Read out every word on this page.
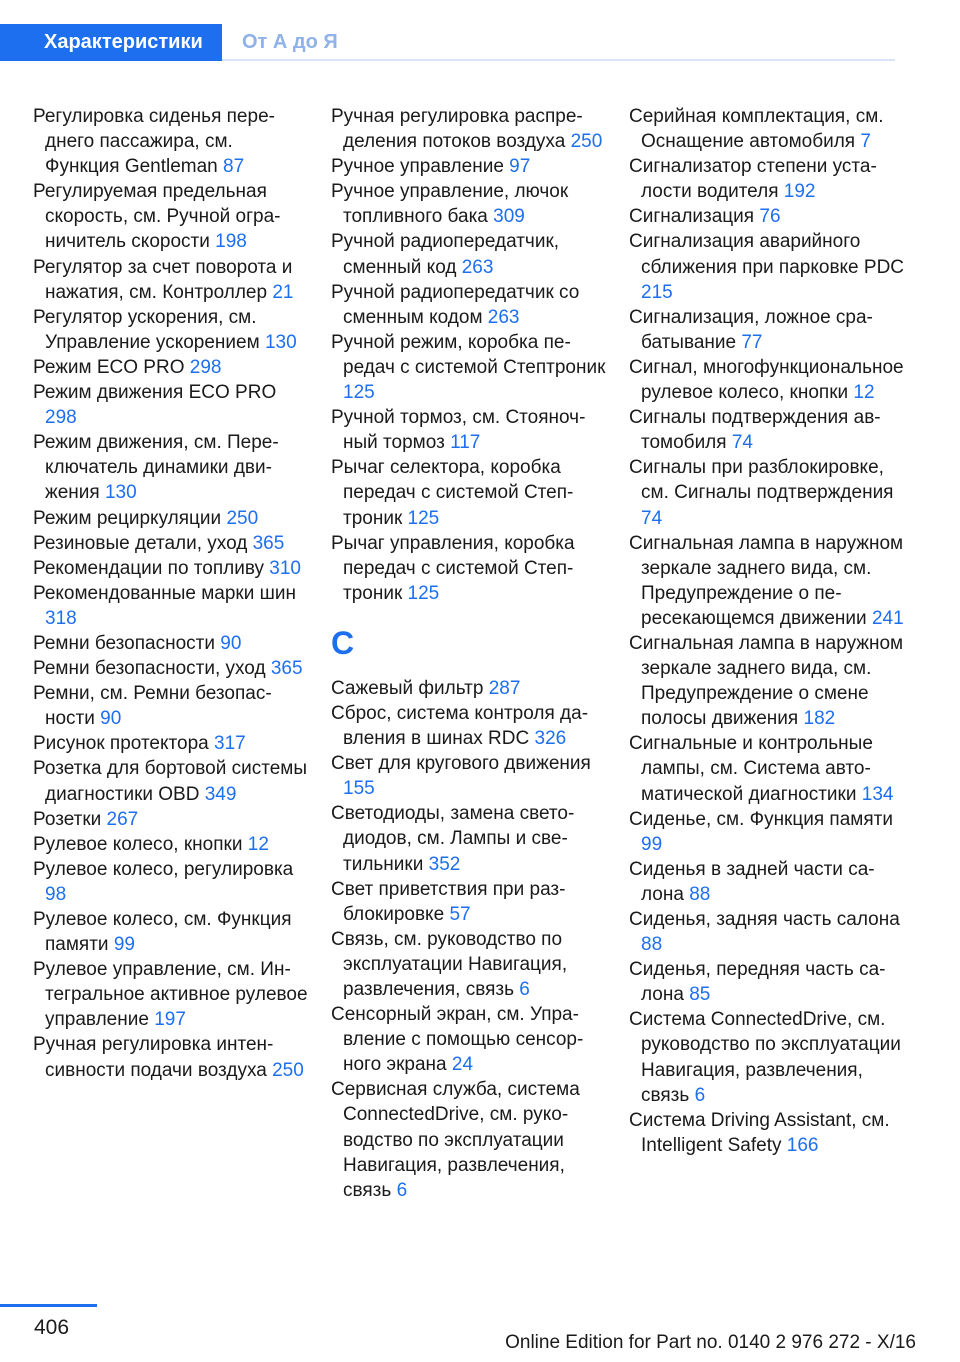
Характеристики	От А до Я

Регулировка сиденья переднего пассажира, см. Функция Gentleman 87

Регулируемая предельная скорость, см. Ручной ограничитель скорости 198

Регулятор за счет поворота и нажатия, см. Контроллер 21

Регулятор ускорения, см. Управление ускорением 130

Режим ECO PRO 298

Режим движения ECO PRO 298

Режим движения, см. Переключатель динамики движения 130

Режим рециркуляции 250

Резиновые детали, уход 365

Рекомендации по топливу 310

Рекомендованные марки шин 318

Ремни безопасности 90

Ремни безопасности, уход 365

Ремни, см. Ремни безопасности 90

Рисунок протектора 317

Розетка для бортовой системы диагностики OBD 349

Розетки 267

Рулевое колесо, кнопки 12

Рулевое колесо, регулировка 98

Рулевое колесо, см. Функция памяти 99

Рулевое управление, см. Интегральное активное рулевое управление 197

Ручная регулировка интенсивности подачи воздуха 250

Ручная регулировка распределения потоков воздуха 250

Ручное управление 97

Ручное управление, лючок топливного бака 309

Ручной радиопередатчик, сменный код 263

Ручной радиопередатчик со сменным кодом 263

Ручной режим, коробка передач с системой Стептроник 125

Ручной тормоз, см. Стояночный тормоз 117

Рычаг селектора, коробка передач с системой Стептроник 125

Рычаг управления, коробка передач с системой Стептроник 125

С

Сажевый фильтр 287

Сброс, система контроля давления в шинах RDC 326

Свет для кругового движения 155

Светодиоды, замена светодиодов, см. Лампы и светильники 352

Свет приветствия при разблокировке 57

Связь, см. руководство по эксплуатации Навигация, развлечения, связь 6

Сенсорный экран, см. Управление с помощью сенсорного экрана 24

Сервисная служба, система ConnectedDrive, см. руководство по эксплуатации Навигация, развлечения, связь 6

Серийная комплектация, см. Оснащение автомобиля 7

Сигнализатор степени усталости водителя 192

Сигнализация 76

Сигнализация аварийного сближения при парковке PDC 215

Сигнализация, ложное срабатывание 77

Сигнал, многофункциональное рулевое колесо, кнопки 12

Сигналы подтверждения автомобиля 74

Сигналы при разблокировке, см. Сигналы подтверждения 74

Сигнальная лампа в наружном зеркале заднего вида, см. Предупреждение о пересекающемся движении 241

Сигнальная лампа в наружном зеркале заднего вида, см. Предупреждение о смене полосы движения 182

Сигнальные и контрольные лампы, см. Система автоматической диагностики 134

Сиденье, см. Функция памяти 99

Сиденья в задней части салона 88

Сиденья, задняя часть салона 88

Сиденья, передняя часть салона 85

Система ConnectedDrive, см. руководство по эксплуатации Навигация, развлечения, связь 6

Система Driving Assistant, см. Intelligent Safety 166

406
Online Edition for Part no. 0140 2 976 272 - X/16
